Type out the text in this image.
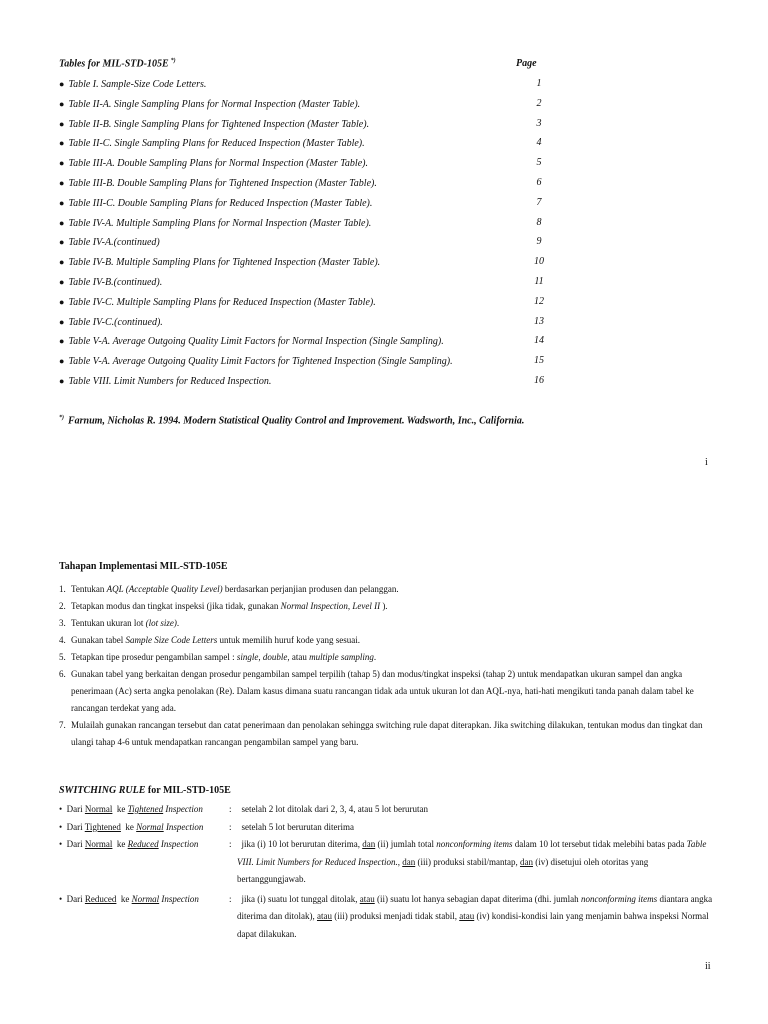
Tables for MIL-STD-105E *)	Page
● Table I. Sample-Size Code Letters.	1
● Table II-A. Single Sampling Plans for Normal Inspection (Master Table).	2
● Table II-B. Single Sampling Plans for Tightened Inspection (Master Table).	3
● Table II-C. Single Sampling Plans for Reduced Inspection (Master Table).	4
● Table III-A. Double Sampling Plans for Normal Inspection (Master Table).	5
● Table III-B. Double Sampling Plans for Tightened Inspection (Master Table).	6
● Table III-C. Double Sampling Plans for Reduced Inspection (Master Table).	7
● Table IV-A. Multiple Sampling Plans for Normal Inspection (Master Table).	8
● Table IV-A.(continued)	9
● Table IV-B. Multiple Sampling Plans for Tightened Inspection (Master Table).	10
● Table IV-B.(continued).	11
● Table IV-C. Multiple Sampling Plans for Reduced Inspection (Master Table).	12
● Table IV-C.(continued).	13
● Table V-A. Average Outgoing Quality Limit Factors for Normal Inspection (Single Sampling).	14
● Table V-A. Average Outgoing Quality Limit Factors for Tightened Inspection (Single Sampling).	15
● Table VIII. Limit Numbers for Reduced Inspection.	16
*) Farnum, Nicholas R. 1994. Modern Statistical Quality Control and Improvement. Wadsworth, Inc., California.
i
Tahapan Implementasi MIL-STD-105E
1. Tentukan AQL (Acceptable Quality Level) berdasarkan perjanjian produsen dan pelanggan.
2. Tetapkan modus dan tingkat inspeksi (jika tidak, gunakan Normal Inspection, Level II ).
3. Tentukan ukuran lot (lot size).
4. Gunakan tabel Sample Size Code Letters untuk memilih huruf kode yang sesuai.
5. Tetapkan tipe prosedur pengambilan sampel : single, double, atau multiple sampling.
6. Gunakan tabel yang berkaitan dengan prosedur pengambilan sampel terpilih (tahap 5) dan modus/tingkat inspeksi (tahap 2) untuk mendapatkan ukuran sampel dan angka penerimaan (Ac) serta angka penolakan (Re). Dalam kasus dimana suatu rancangan tidak ada untuk ukuran lot dan AQL-nya, hati-hati mengikuti tanda panah dalam tabel ke rancangan terdekat yang ada.
7. Mulailah gunakan rancangan tersebut dan catat penerimaan dan penolakan sehingga switching rule dapat diterapkan. Jika switching dilakukan, tentukan modus dan tingkat dan ulangi tahap 4-6 untuk mendapatkan rancangan pengambilan sampel yang baru.
SWITCHING RULE for MIL-STD-105E
• Dari Normal ke Tightened Inspection	: setelah 2 lot ditolak dari 2, 3, 4, atau 5 lot berurutan
• Dari Tightened ke Normal Inspection	: setelah 5 lot berurutan diterima
• Dari Normal ke Reduced Inspection	: jika (i) 10 lot berurutan diterima, dan (ii) jumlah total nonconforming items dalam 10 lot tersebut tidak melebihi batas pada Table VIII. Limit Numbers for Reduced Inspection., dan (iii) produksi stabil/mantap, dan (iv) disetujui oleh otoritas yang bertanggungjawab.
• Dari Reduced ke Normal Inspection	: jika (i) suatu lot tunggal ditolak, atau (ii) suatu lot hanya sebagian dapat diterima (dhi. jumlah nonconforming items diantara angka diterima dan ditolak), atau (iii) produksi menjadi tidak stabil, atau (iv) kondisi-kondisi lain yang menjamin bahwa inspeksi Normal dapat dilakukan.
ii
